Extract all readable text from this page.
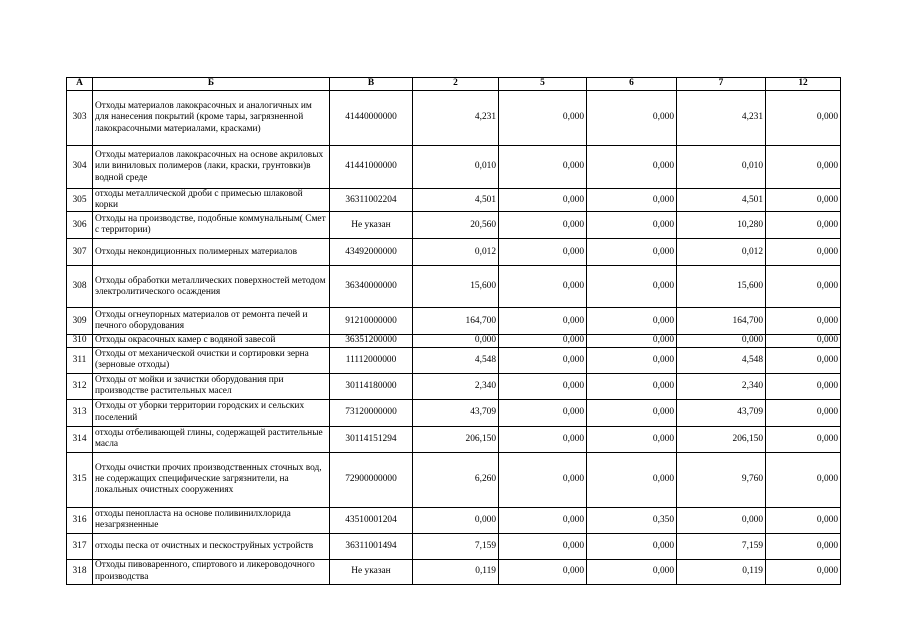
А	Б	В	2	5	6	7	12
303	Отходы материалов лакокрасочных и аналогичных им для нанесения покрытий (кроме тары, загрязненной лакокрасочными материалами, красками)	41440000000	4,231	0,000	0,000	4,231	0,000
304	Отходы материалов лакокрасочных на основе акриловых или виниловых полимеров (лаки, краски, грунтовки)в водной среде	41441000000	0,010	0,000	0,000	0,010	0,000
305	отходы металлической дроби с примесью шлаковой корки	36311002204	4,501	0,000	0,000	4,501	0,000
306	Отходы на производстве, подобные коммунальным( Смет с территории)	Не указан	20,560	0,000	0,000	10,280	0,000
307	Отходы некондиционных полимерных материалов	43492000000	0,012	0,000	0,000	0,012	0,000
308	Отходы обработки металлических поверхностей методом электролитического осаждения	36340000000	15,600	0,000	0,000	15,600	0,000
309	Отходы огнеупорных материалов от ремонта печей и печного оборудования	91210000000	164,700	0,000	0,000	164,700	0,000
310	Отходы окрасочных камер с водяной завесой	36351200000	0,000	0,000	0,000	0,000	0,000
311	Отходы от механической очистки и сортировки зерна (зерновые отходы)	11112000000	4,548	0,000	0,000	4,548	0,000
312	Отходы от мойки и зачистки оборудования при производстве растительных масел	30114180000	2,340	0,000	0,000	2,340	0,000
313	Отходы от уборки территории городских и сельских поселений	73120000000	43,709	0,000	0,000	43,709	0,000
314	отходы отбеливающей глины, содержащей растительные масла	30114151294	206,150	0,000	0,000	206,150	0,000
315	Отходы очистки прочих производственных сточных вод, не содержащих специфические загрязнители, на локальных очистных сооружениях	72900000000	6,260	0,000	0,000	9,760	0,000
316	отходы пенопласта на основе поливинилхлорида незагрязненные	43510001204	0,000	0,000	0,350	0,000	0,000
317	отходы песка от очистных и пескоструйных устройств	36311001494	7,159	0,000	0,000	7,159	0,000
318	Отходы пивоваренного, спиртового и ликероводочного производства	Не указан	0,119	0,000	0,000	0,119	0,000
